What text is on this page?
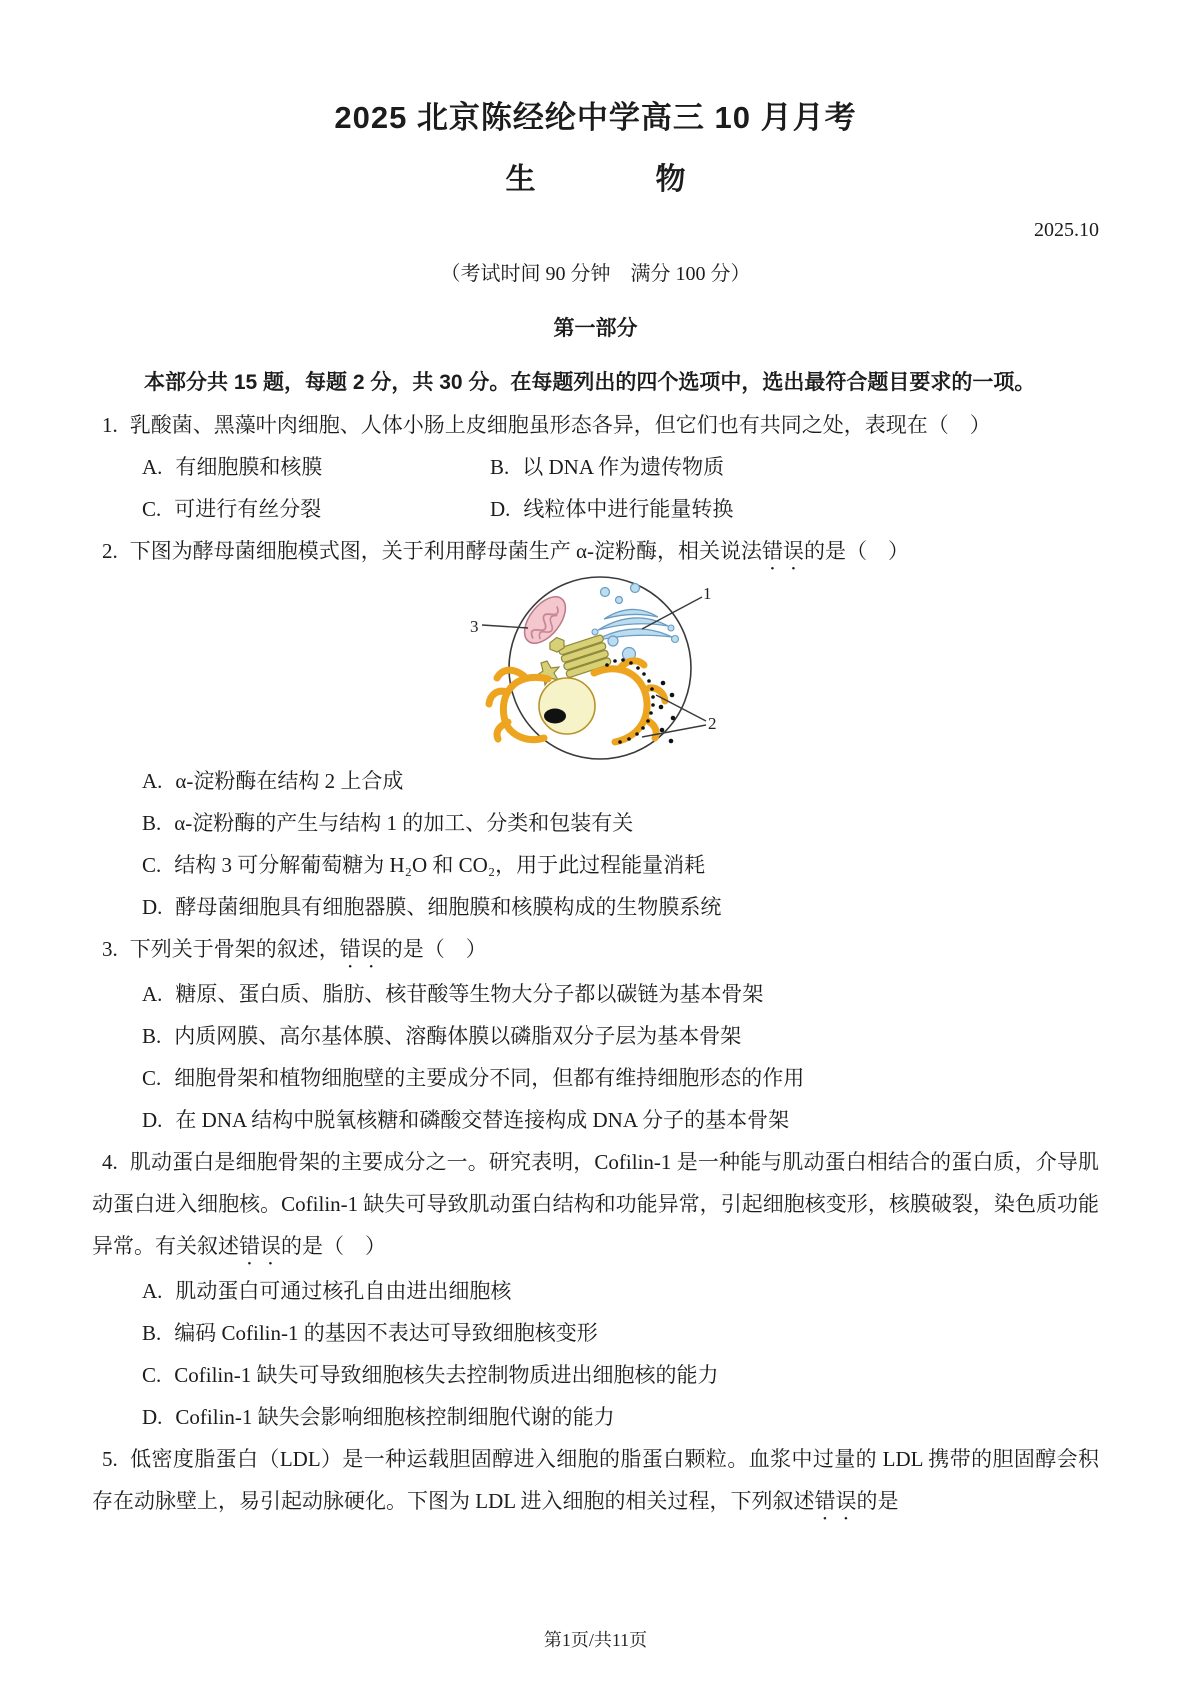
2025 北京陈经纶中学高三 10 月月考
生　　　　物
2025.10
（考试时间 90 分钟　满分 100 分）
第一部分
本部分共 15 题，每题 2 分，共 30 分。在每题列出的四个选项中，选出最符合题目要求的一项。

1. 乳酸菌、黑藻叶肉细胞、人体小肠上皮细胞虽形态各异，但它们也有共同之处，表现在（　）

A. 有细胞膜和核膜	B. 以 DNA 作为遗传物质
C. 可进行有丝分裂	D. 线粒体中进行能量转换

2. 下图为酵母菌细胞模式图，关于利用酵母菌生产 α-淀粉酶，相关说法错误的是（　）

3
1
2
A. α-淀粉酶在结构 2 上合成
B. α-淀粉酶的产生与结构 1 的加工、分类和包装有关
C. 结构 3 可分解葡萄糖为 H₂O 和 CO₂，用于此过程能量消耗
D. 酵母菌细胞具有细胞器膜、细胞膜和核膜构成的生物膜系统

3. 下列关于骨架的叙述，错误的是（　）

A. 糖原、蛋白质、脂肪、核苷酸等生物大分子都以碳链为基本骨架
B. 内质网膜、高尔基体膜、溶酶体膜以磷脂双分子层为基本骨架
C. 细胞骨架和植物细胞壁的主要成分不同，但都有维持细胞形态的作用
D. 在 DNA 结构中脱氧核糖和磷酸交替连接构成 DNA 分子的基本骨架

4. 肌动蛋白是细胞骨架的主要成分之一。研究表明，Cofilin-1 是一种能与肌动蛋白相结合的蛋白质，介导肌动蛋白进入细胞核。Cofilin-1 缺失可导致肌动蛋白结构和功能异常，引起细胞核变形，核膜破裂，染色质功能异常。有关叙述错误的是（　）

A. 肌动蛋白可通过核孔自由进出细胞核
B. 编码 Cofilin-1 的基因不表达可导致细胞核变形
C. Cofilin-1 缺失可导致细胞核失去控制物质进出细胞核的能力
D. Cofilin-1 缺失会影响细胞核控制细胞代谢的能力

5. 低密度脂蛋白（LDL）是一种运载胆固醇进入细胞的脂蛋白颗粒。血浆中过量的 LDL 携带的胆固醇会积存在动脉壁上，易引起动脉硬化。下图为 LDL 进入细胞的相关过程，下列叙述错误的是

第1页/共11页
